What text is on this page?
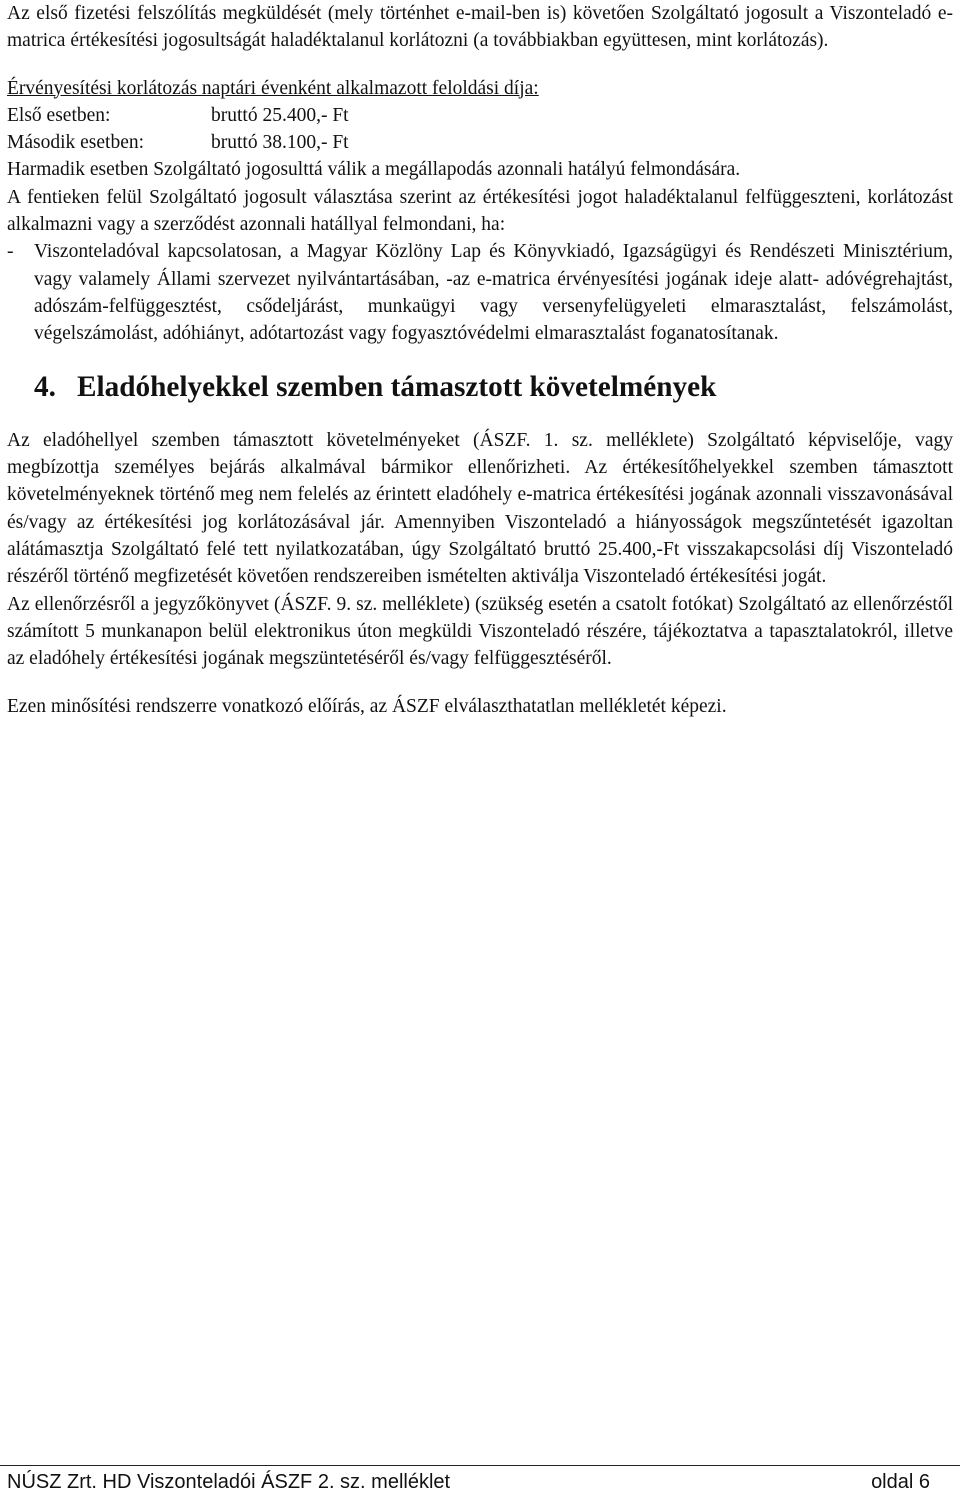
Az első fizetési felszólítás megküldését (mely történhet e-mail-ben is) követően Szolgáltató jogosult a Viszonteladó e-matrica értékesítési jogosultságát haladéktalanul korlátozni (a továbbiakban együttesen, mint korlátozás).

Érvényesítési korlátozás naptári évenként alkalmazott feloldási díja:

Első esetben:	bruttó 25.400,- Ft
Második esetben:	bruttó 38.100,- Ft

Harmadik esetben Szolgáltató jogosulttá válik a megállapodás azonnali hatályú felmondására.

A fentieken felül Szolgáltató jogosult választása szerint az értékesítési jogot haladéktalanul felfüggeszteni, korlátozást alkalmazni vagy a szerződést azonnali hatállyal felmondani, ha:

-	Viszonteladóval kapcsolatosan, a Magyar Közlöny Lap és Könyvkiadó, Igazságügyi és Rendészeti Minisztérium, vagy valamely Állami szervezet nyilvántartásában, -az e-matrica érvényesítési jogának ideje alatt- adóvégrehajtást, adószám-felfüggesztést, csődeljárást, munkaügyi vagy versenyfelügyeleti elmarasztalást, felszámolást, végelszámolást, adóhiányt, adótartozást vagy fogyasztóvédelmi elmarasztalást foganatosítanak.
4. Eladóhelyekkel szemben támasztott követelmények

Az eladóhellyel szemben támasztott követelményeket (ÁSZF. 1. sz. melléklete) Szolgáltató képviselője, vagy megbízottja személyes bejárás alkalmával bármikor ellenőrizheti. Az értékesítőhelyekkel szemben támasztott követelményeknek történő meg nem felelés az érintett eladóhely e-matrica értékesítési jogának azonnali visszavonásával és/vagy az értékesítési jog korlátozásával jár. Amennyiben Viszonteladó a hiányosságok megszűntetését igazoltan alátámasztja Szolgáltató felé tett nyilatkozatában, úgy Szolgáltató bruttó 25.400,-Ft visszakapcsolási díj Viszonteladó részéről történő megfizetését követően rendszereiben ismételten aktiválja Viszonteladó értékesítési jogát.

Az ellenőrzésről a jegyzőkönyvet (ÁSZF. 9. sz. melléklete) (szükség esetén a csatolt fotókat) Szolgáltató az ellenőrzéstől számított 5 munkanapon belül elektronikus úton megküldi Viszonteladó részére, tájékoztatva a tapasztalatokról, illetve az eladóhely értékesítési jogának megszüntetéséről és/vagy felfüggesztéséről.

Ezen minősítési rendszerre vonatkozó előírás, az ÁSZF elválaszthatatlan mellékletét képezi.

NÚSZ Zrt. HD Viszonteladói ÁSZF 2. sz. melléklet	oldal 6
